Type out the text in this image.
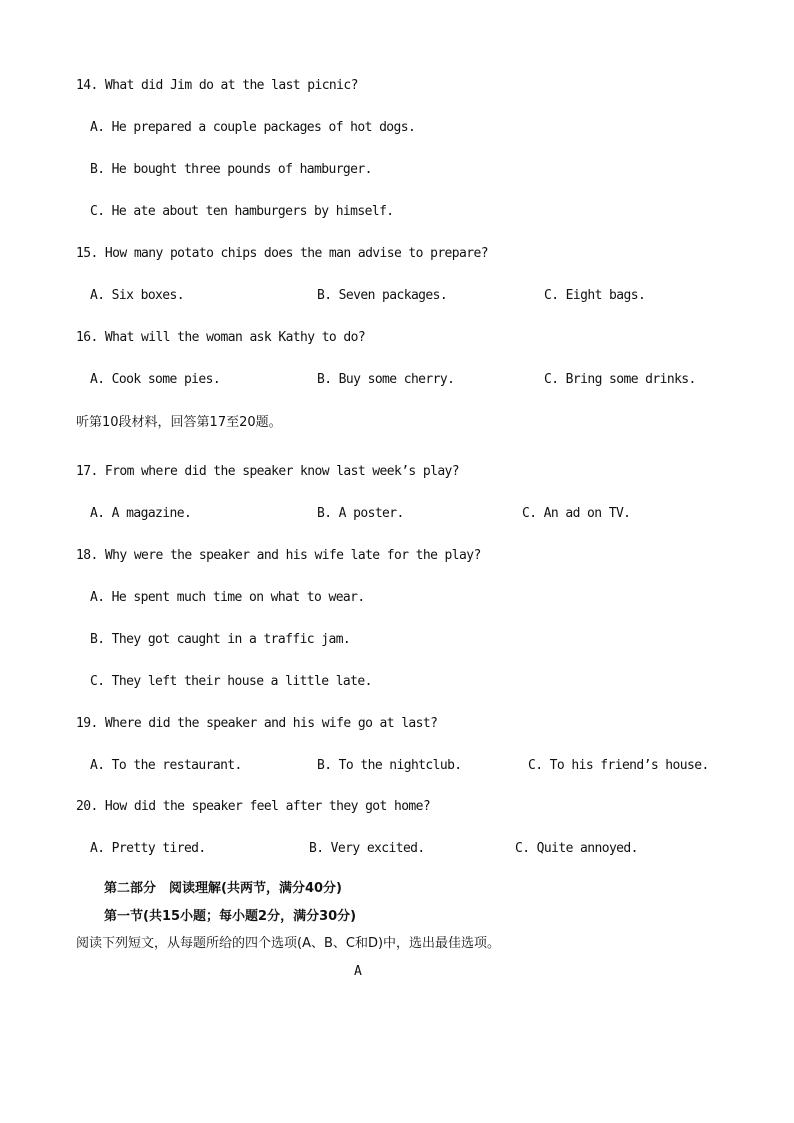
14. What did Jim do at the last picnic?
A. He prepared a couple packages of hot dogs.
B. He bought three pounds of hamburger.
C. He ate about ten hamburgers by himself.
15. How many potato chips does the man advise to prepare?
A. Six boxes.	B. Seven packages.	C. Eight bags.
16. What will the woman ask Kathy to do?
A. Cook some pies.	B. Buy some cherry.	C. Bring some drinks.
听第10段材料，回答第17至20题。
17. From where did the speaker know last week’s play?
A. A magazine.	B. A poster.	C. An ad on TV.
18. Why were the speaker and his wife late for the play?
A. He spent much time on what to wear.
B. They got caught in a traffic jam.
C. They left their house a little late.
19. Where did the speaker and his wife go at last?
A. To the restaurant.	B. To the nightclub.	C. To his friend’s house.
20. How did the speaker feel after they got home?
A. Pretty tired.	B. Very excited.	C. Quite annoyed.
第二部分　阅读理解(共两节，满分40分)
第一节(共15小题；每小题2分，满分30分)
阅读下列短文，从每题所给的四个选项(A、B、C和D)中，选出最佳选项。
A
